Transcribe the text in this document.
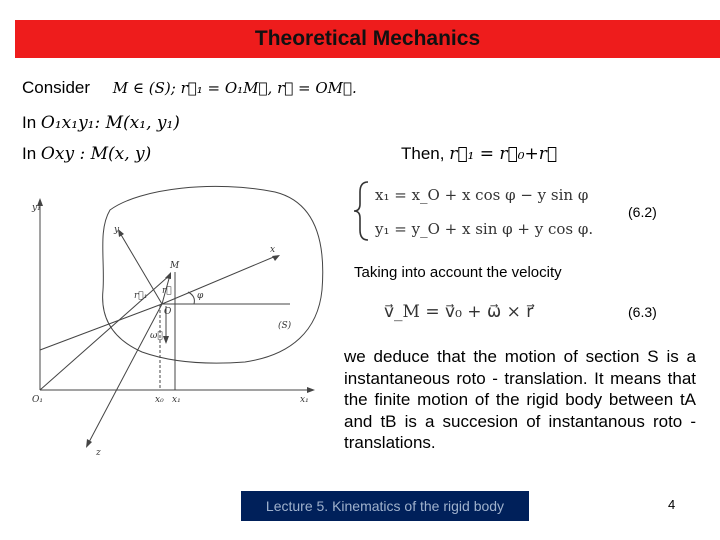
Theoretical Mechanics
Consider M ∈ (S); r⃗₁ = O₁M⃗, r⃗ = OM⃗.
In O₁x₁y₁: M(x₁, y₁)
In Oxy : M(x, y)	Then, r⃗₁ = r⃗₀+r⃗
x₁ = x_O + x cos φ − y sin φ
y₁ = y_O + x sin φ + y cos φ.
(6.2)
Taking into account the velocity
v⃗_M = v⃗₀ + ω⃗ × r⃗	(6.3)
we deduce that the motion of section S is a instantaneous roto - translation. It means that the finite motion of the rigid body between tA and tB is a succesion of instantanous roto - translations.
y₁
O₁	x₁
x₀ x₁
x
y
M
O
(S)
r⃗₁ r⃗	φ
ω⃗
z
Lecture 5. Kinematics of the rigid body	4
